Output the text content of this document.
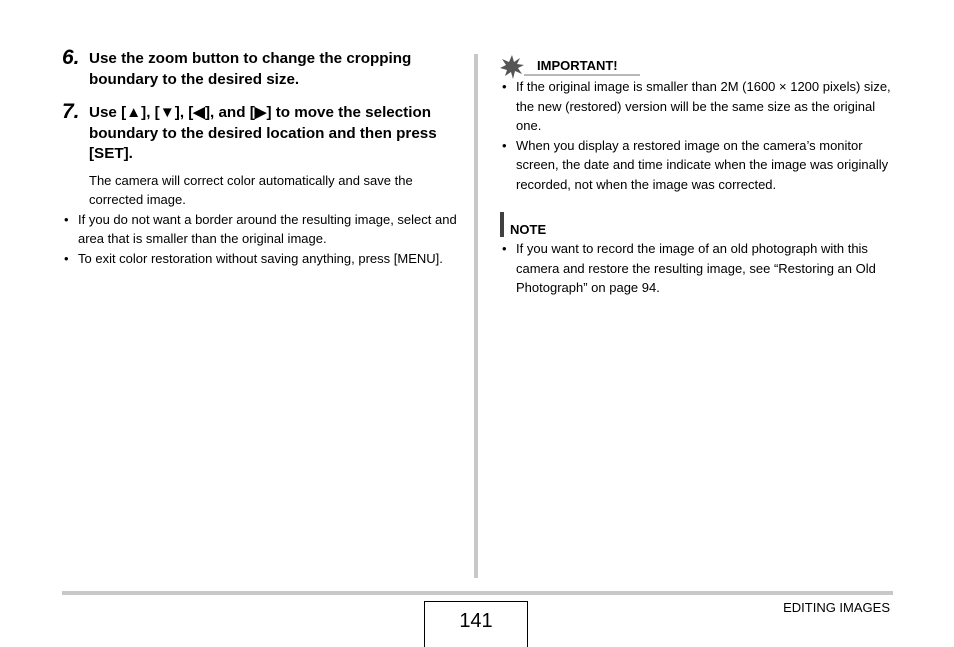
6. Use the zoom button to change the cropping boundary to the desired size.
7. Use [▲], [▼], [◀], and [▶] to move the selection boundary to the desired location and then press [SET].
The camera will correct color automatically and save the corrected image.
• If you do not want a border around the resulting image, select and area that is smaller than the original image.
• To exit color restoration without saving anything, press [MENU].
IMPORTANT!
• If the original image is smaller than 2M (1600 × 1200 pixels) size, the new (restored) version will be the same size as the original one.
• When you display a restored image on the camera’s monitor screen, the date and time indicate when the image was originally recorded, not when the image was corrected.
NOTE
• If you want to record the image of an old photograph with this camera and restore the resulting image, see “Restoring an Old Photograph” on page 94.
141
EDITING IMAGES
